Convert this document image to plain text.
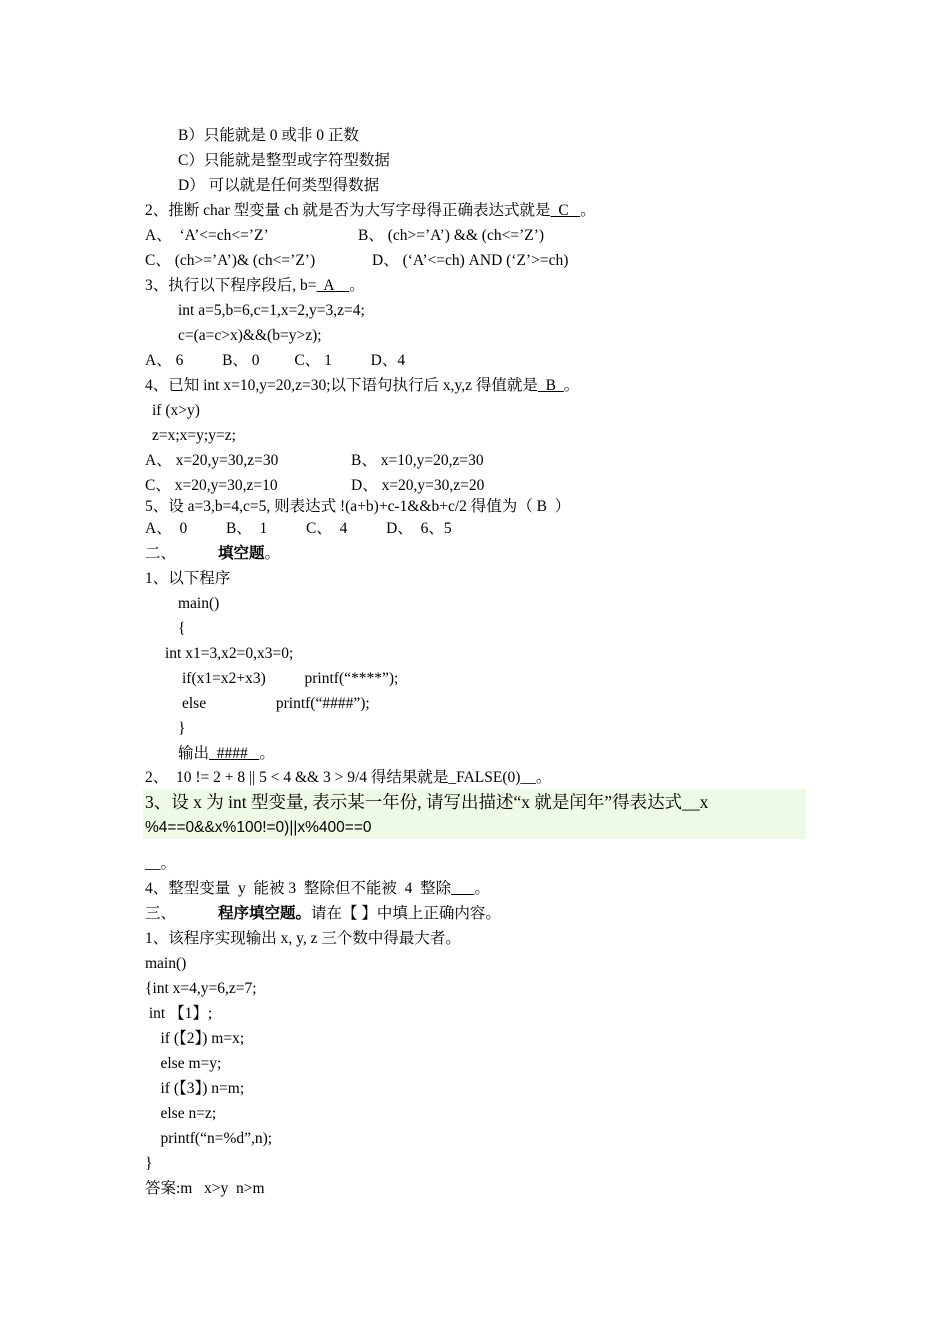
B）只能就是 0 或非 0 正数
C）只能就是整型或字符型数据
D） 可以就是任何类型得数据
2、推断 char 型变量 ch 就是否为大写字母得正确表达式就是  C   。
A、  ‘A’<=ch<=’Z’	B、 (ch>=’A’) && (ch<=’Z’)
C、 (ch>=’A’)& (ch<=’Z’)	D、 (‘A’<=ch) AND (‘Z’>=ch)
3、执行以下程序段后, b=  A    。
int a=5,b=6,c=1,x=2,y=3,z=4;
c=(a=c>x)&&(b=y>z);
A、 6          B、 0         C、 1          D、4
4、已知 int x=10,y=20,z=30;以下语句执行后 x,y,z 得值就是  B  。
if (x>y)
z=x;x=y;y=z;
A、 x=20,y=30,z=30	B、 x=10,y=20,z=30
C、 x=20,y=30,z=10	D、 x=20,y=30,z=20
5、设 a=3,b=4,c=5, 则表达式 !(a+b)+c-1&&b+c/2 得值为（ B  ）
A、  0          B、  1          C、  4          D、  6、5
二、	填空题。
1、以下程序
main()
{
int x1=3,x2=0,x3=0;
if(x1=x2+x3)          printf(“****”);
else                  printf(“####”);
}
输出  ####   。
2、  10 != 2 + 8 || 5 < 4 && 3 > 9/4 得结果就是_FALSE(0)__。
3、设 x 为 int 型变量, 表示某一年份, 请写出描述“x 就是闰年”得表达式__x
%4==0&&x%100!=0)||x%400==0
__。
4、整型变量  y  能被 3  整除但不能被  4  整除 。
三、	程序填空题。请在【 】中填上正确内容。
1、该程序实现输出 x, y, z 三个数中得最大者。
main()
{int x=4,y=6,z=7;
int 【1】;
if (【2】) m=x;
else m=y;
if (【3】) n=m;
else n=z;
printf(“n=%d”,n);
}
答案:m   x>y  n>m
